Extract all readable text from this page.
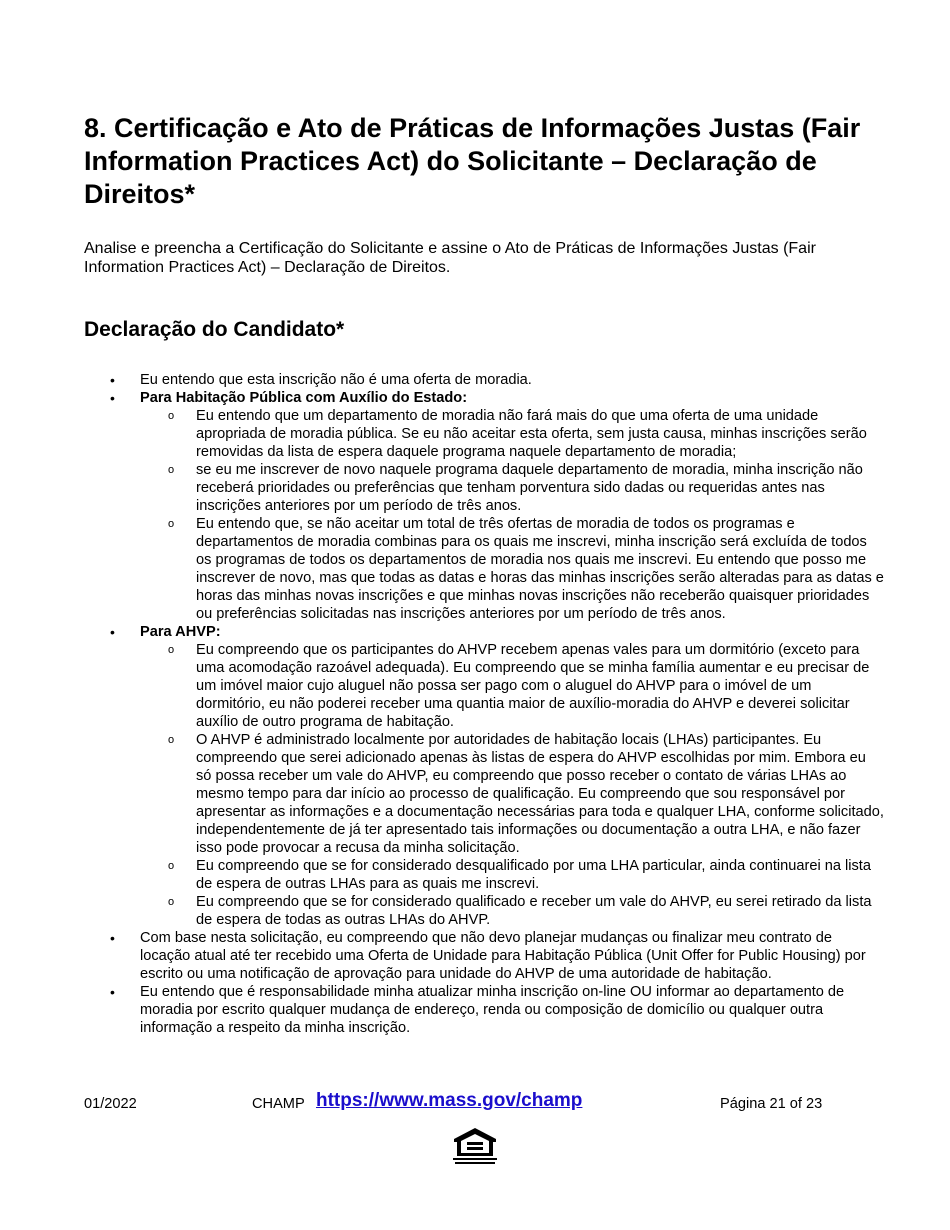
8. Certificação e Ato de Práticas de Informações Justas (Fair Information Practices Act) do Solicitante – Declaração de Direitos*

Analise e preencha a Certificação do Solicitante e assine o Ato de Práticas de Informações Justas (Fair Information Practices Act) – Declaração de Direitos.

Declaração do Candidato*
• Eu entendo que esta inscrição não é uma oferta de moradia.
• Para Habitação Pública com Auxílio do Estado:
o Eu entendo que um departamento de moradia não fará mais do que uma oferta de uma unidade apropriada de moradia pública. Se eu não aceitar esta oferta, sem justa causa, minhas inscrições serão removidas da lista de espera daquele programa naquele departamento de moradia;
o se eu me inscrever de novo naquele programa daquele departamento de moradia, minha inscrição não receberá prioridades ou preferências que tenham porventura sido dadas ou requeridas antes nas inscrições anteriores por um período de três anos.
o Eu entendo que, se não aceitar um total de três ofertas de moradia de todos os programas e departamentos de moradia combinas para os quais me inscrevi, minha inscrição será excluída de todos os programas de todos os departamentos de moradia nos quais me inscrevi. Eu entendo que posso me inscrever de novo, mas que todas as datas e horas das minhas inscrições serão alteradas para as datas e horas das minhas novas inscrições e que minhas novas inscrições não receberão quaisquer prioridades ou preferências solicitadas nas inscrições anteriores por um período de três anos.
• Para AHVP:
o Eu compreendo que os participantes do AHVP recebem apenas vales para um dormitório (exceto para uma acomodação razoável adequada). Eu compreendo que se minha família aumentar e eu precisar de um imóvel maior cujo aluguel não possa ser pago com o aluguel do AHVP para o imóvel de um dormitório, eu não poderei receber uma quantia maior de auxílio-moradia do AHVP e deverei solicitar auxílio de outro programa de habitação.
o O AHVP é administrado localmente por autoridades de habitação locais (LHAs) participantes. Eu compreendo que serei adicionado apenas às listas de espera do AHVP escolhidas por mim. Embora eu só possa receber um vale do AHVP, eu compreendo que posso receber o contato de várias LHAs ao mesmo tempo para dar início ao processo de qualificação. Eu compreendo que sou responsável por apresentar as informações e a documentação necessárias para toda e qualquer LHA, conforme solicitado, independentemente de já ter apresentado tais informações ou documentação a outra LHA, e não fazer isso pode provocar a recusa da minha solicitação.
o Eu compreendo que se for considerado desqualificado por uma LHA particular, ainda continuarei na lista de espera de outras LHAs para as quais me inscrevi.
o Eu compreendo que se for considerado qualificado e receber um vale do AHVP, eu serei retirado da lista de espera de todas as outras LHAs do AHVP.
• Com base nesta solicitação, eu compreendo que não devo planejar mudanças ou finalizar meu contrato de locação atual até ter recebido uma Oferta de Unidade para Habitação Pública (Unit Offer for Public Housing) por escrito ou uma notificação de aprovação para unidade do AHVP de uma autoridade de habitação.
• Eu entendo que é responsabilidade minha atualizar minha inscrição on-line OU informar ao departamento de moradia por escrito qualquer mudança de endereço, renda ou composição de domicílio ou qualquer outra informação a respeito da minha inscrição.
01/2022	CHAMP https://www.mass.gov/champ	Página 21 of 23
